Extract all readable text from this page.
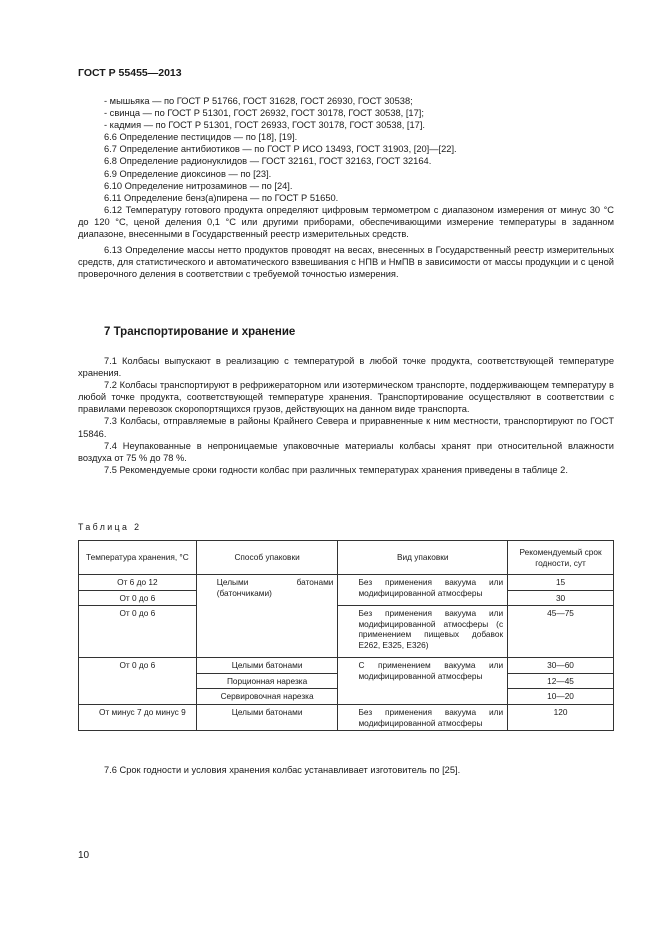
ГОСТ Р 55455—2013

- мышьяка — по ГОСТ Р 51766, ГОСТ 31628, ГОСТ 26930, ГОСТ 30538;

- свинца — по ГОСТ Р 51301, ГОСТ 26932, ГОСТ 30178, ГОСТ 30538, [17];

- кадмия — по ГОСТ Р 51301, ГОСТ 26933, ГОСТ 30178, ГОСТ 30538, [17].

6.6 Определение пестицидов — по [18], [19].

6.7 Определение антибиотиков — по ГОСТ Р ИСО 13493, ГОСТ 31903, [20]—[22].

6.8 Определение радионуклидов — ГОСТ 32161, ГОСТ 32163, ГОСТ 32164.

6.9 Определение диоксинов — по [23].

6.10 Определение нитрозаминов — по [24].

6.11 Определение бенз(а)пирена — по ГОСТ Р 51650.

6.12 Температуру готового продукта определяют цифровым термометром с диапазоном измерения от минус 30 °С до 120 °С, ценой деления 0,1 °С или другими приборами, обеспечивающими измерение температуры в заданном диапазоне, внесенными в Государственный реестр измерительных средств.

6.13 Определение массы нетто продуктов проводят на весах, внесенных в Государственный реестр измерительных средств, для статистического и автоматического взвешивания с НПВ и НмПВ в зависимости от массы продукции и с ценой проверочного деления в соответствии с требуемой точностью измерения.

7 Транспортирование и хранение

7.1 Колбасы выпускают в реализацию с температурой в любой точке продукта, соответствующей температуре хранения.

7.2 Колбасы транспортируют в рефрижераторном или изотермическом транспорте, поддерживающем температуру в любой точке продукта, соответствующей температуре хранения. Транспортирование осуществляют в соответствии с правилами перевозок скоропортящихся грузов, действующих на данном виде транспорта.

7.3 Колбасы, отправляемые в районы Крайнего Севера и приравненные к ним местности, транспортируют по ГОСТ 15846.

7.4 Неупакованные в непроницаемые упаковочные материалы колбасы хранят при относительной влажности воздуха от 75 % до 78 %.

7.5 Рекомендуемые сроки годности колбас при различных температурах хранения приведены в таблице 2.

Таблица 2
Температура хранения, °С	Способ упаковки	Вид упаковки	Рекомендуемый срок годности, сут
От 6 до 12	Целыми батонами (батончиками)	Без применения вакуума или модифицированной атмосферы	15
От 0 до 6			30
От 0 до 6		Без применения вакуума или модифицированной атмосферы (с применением пищевых добавок Е262, Е325, Е326)	45—75
От 0 до 6	Целыми батонами	С применением вакуума или модифицированной атмосферы	30—60
	Порционная нарезка		12—45
	Сервировочная нарезка		10—20
От минус 7 до минус 9	Целыми батонами	Без применения вакуума или модифицированной атмосферы	120

7.6 Срок годности и условия хранения колбас устанавливает изготовитель по [25].

10
